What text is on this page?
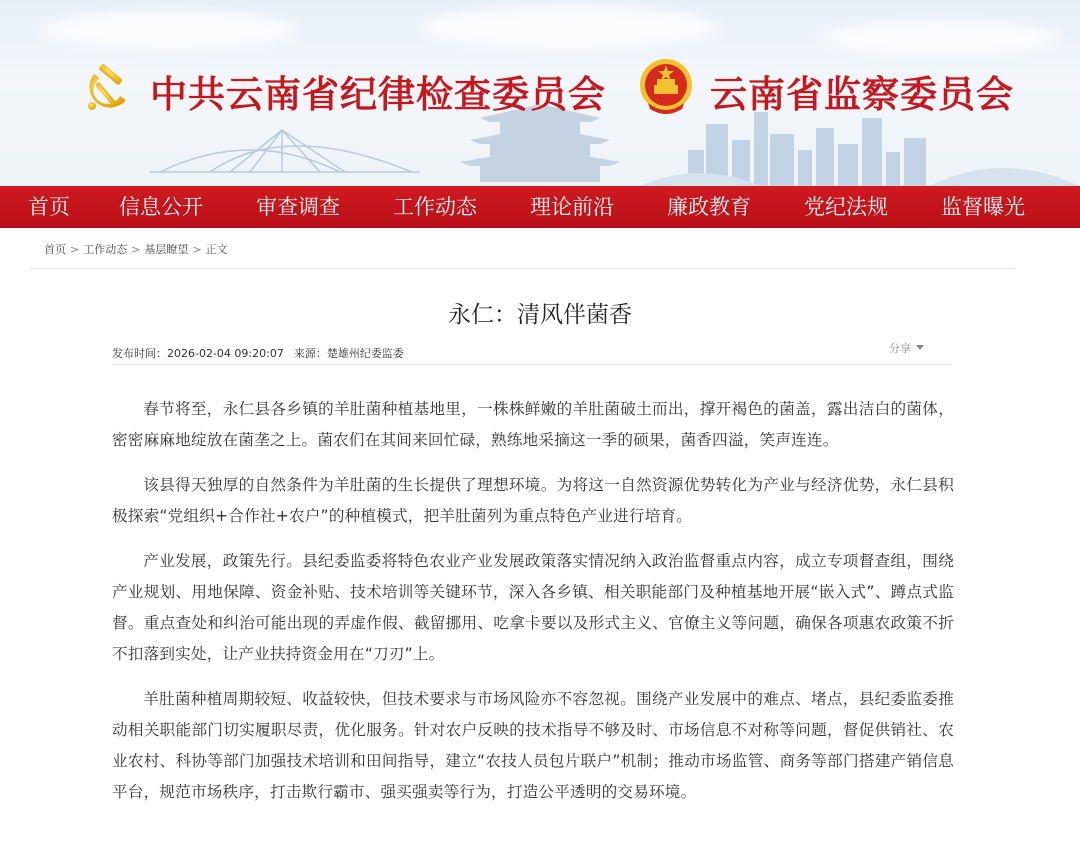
中共云南省纪律检查委员会	云南省监察委员会
首页 信息公开	审查调查	工作动态	理论前沿	廉政教育	党纪法规	监督曝光
首页 > 工作动态 > 基层瞭望 > 正文
永仁：清风伴菌香
发布时间：2026-02-04 09:20:07 来源：楚雄州纪委监委	分享

春节将至，永仁县各乡镇的羊肚菌种植基地里，一株株鲜嫩的羊肚菌破土而出，撑开褐色的菌盖，露出洁白的菌体，密密麻麻地绽放在菌垄之上。菌农们在其间来回忙碌，熟练地采摘这一季的硕果，菌香四溢，笑声连连。

该县得天独厚的自然条件为羊肚菌的生长提供了理想环境。为将这一自然资源优势转化为产业与经济优势，永仁县积极探索“党组织+合作社+农户”的种植模式，把羊肚菌列为重点特色产业进行培育。

产业发展，政策先行。县纪委监委将特色农业产业发展政策落实情况纳入政治监督重点内容，成立专项督查组，围绕产业规划、用地保障、资金补贴、技术培训等关键环节，深入各乡镇、相关职能部门及种植基地开展“嵌入式”、蹲点式监督。重点查处和纠治可能出现的弄虚作假、截留挪用、吃拿卡要以及形式主义、官僚主义等问题，确保各项惠农政策不折不扣落到实处，让产业扶持资金用在“刀刃”上。

羊肚菌种植周期较短、收益较快，但技术要求与市场风险亦不容忽视。围绕产业发展中的难点、堵点，县纪委监委推动相关职能部门切实履职尽责，优化服务。针对农户反映的技术指导不够及时、市场信息不对称等问题，督促供销社、农业农村、科协等部门加强技术培训和田间指导，建立“农技人员包片联户”机制；推动市场监管、商务等部门搭建产销信息平台，规范市场秩序，打击欺行霸市、强买强卖等行为，打造公平透明的交易环境。
